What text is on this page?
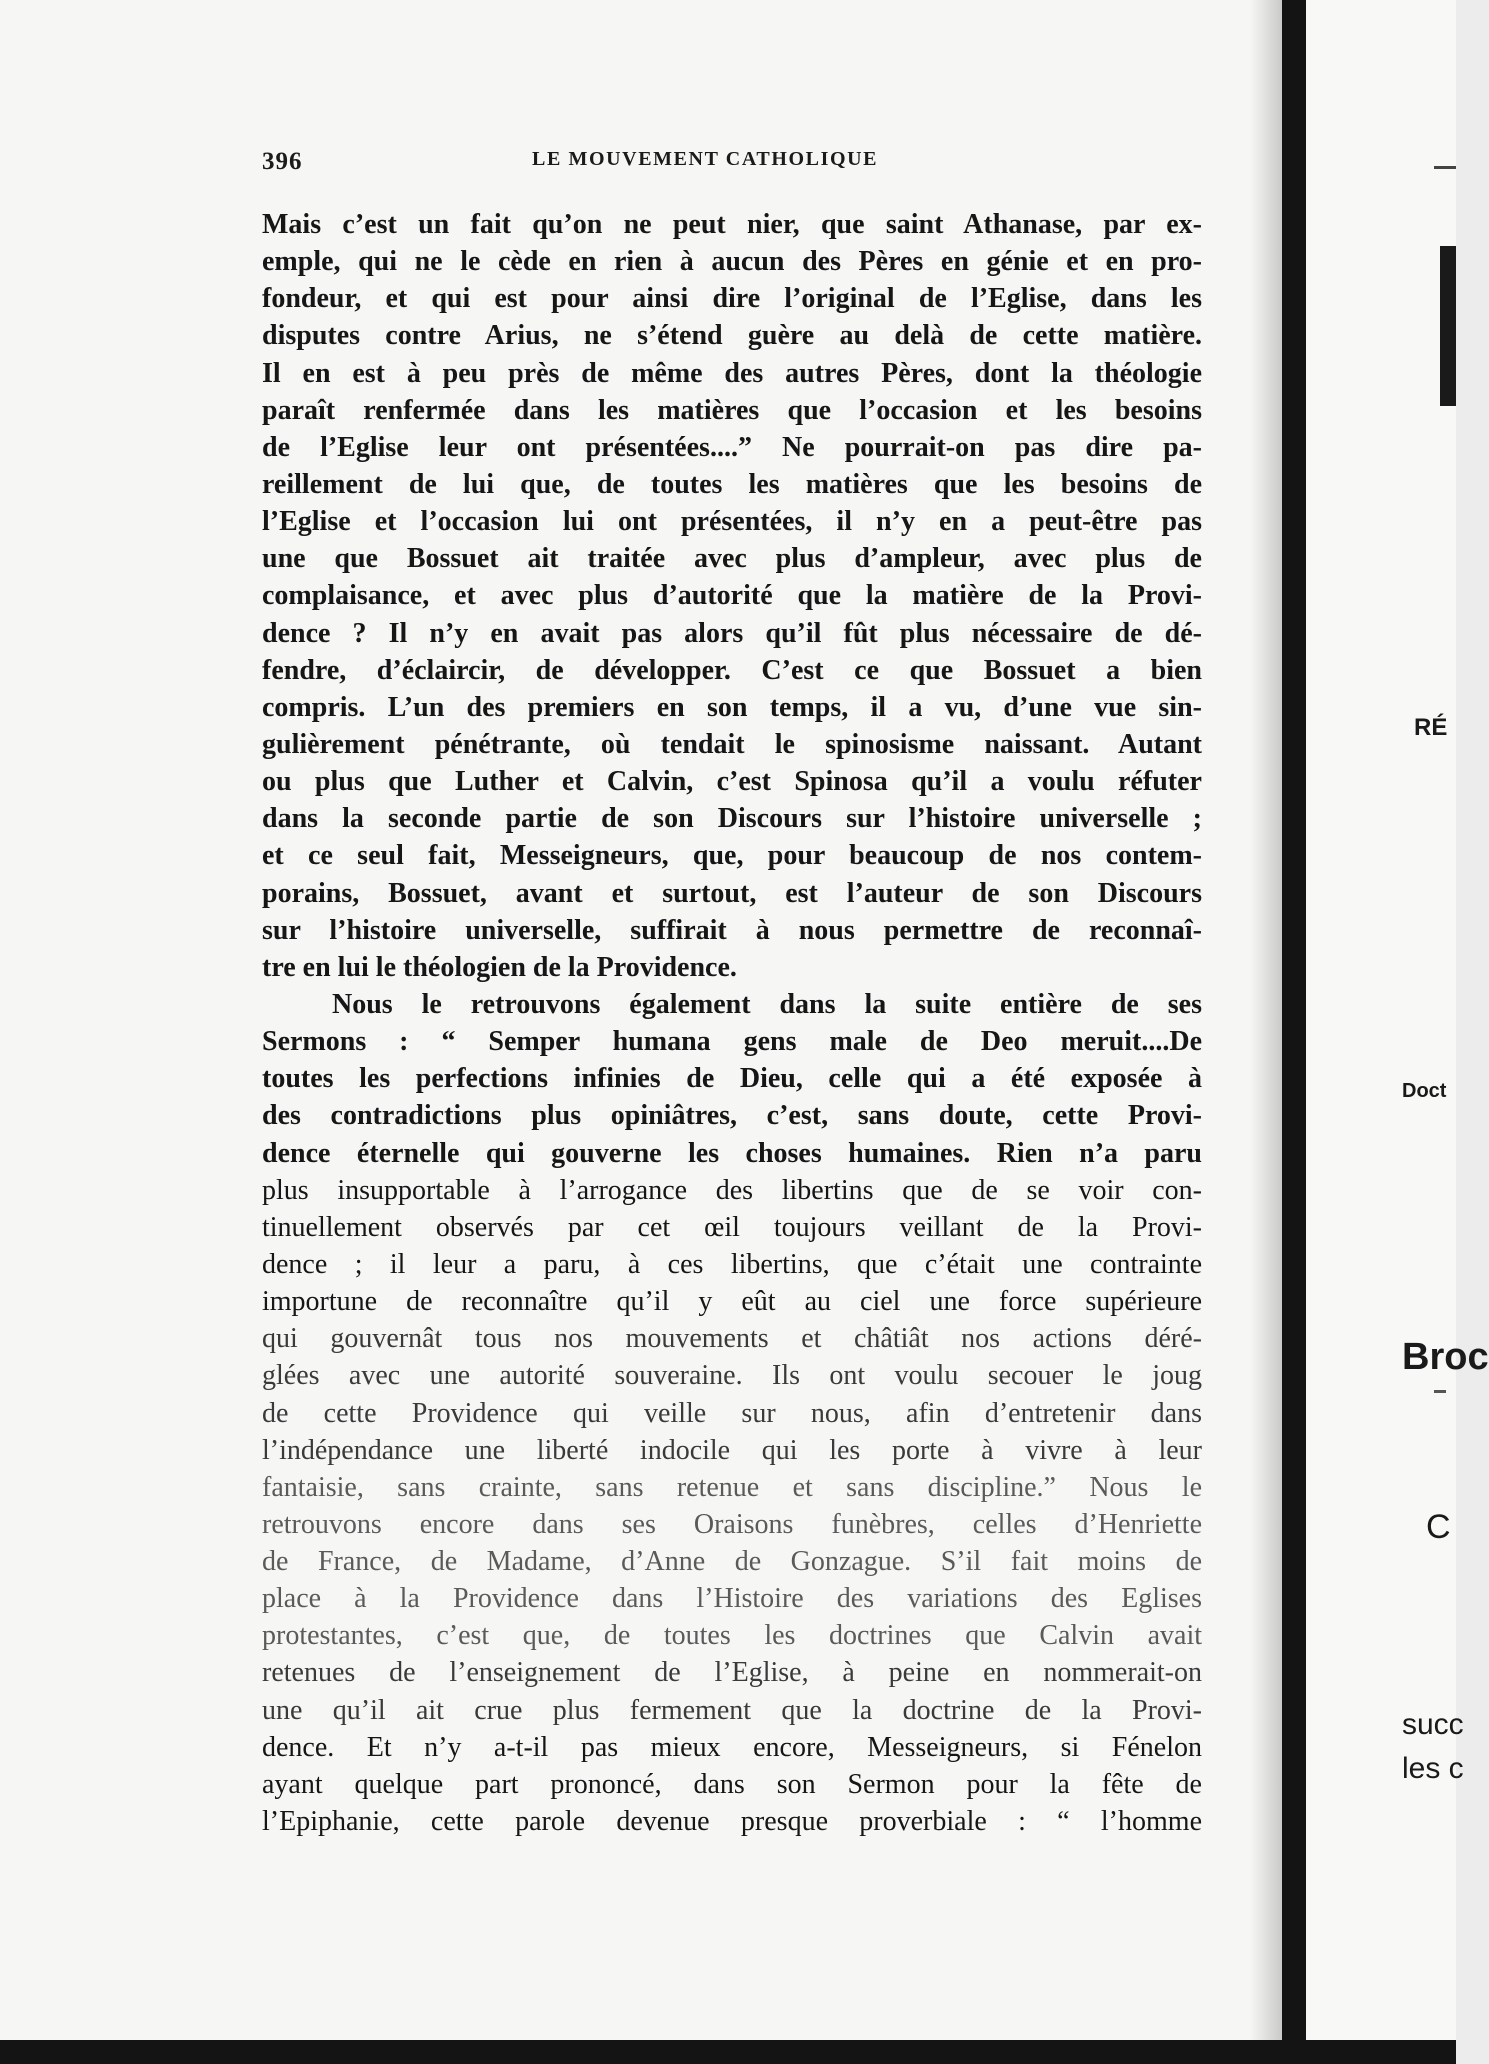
396	LE MOUVEMENT CATHOLIQUE
Mais c’est un fait qu’on ne peut nier, que saint Athanase, par ex-
emple, qui ne le cède en rien à aucun des Pères en génie et en pro-
fondeur, et qui est pour ainsi dire l’original de l’Eglise, dans les
disputes contre Arius, ne s’étend guère au delà de cette matière.
Il en est à peu près de même des autres Pères, dont la théologie
paraît renfermée dans les matières que l’occasion et les besoins
de l’Eglise leur ont présentées....” Ne pourrait-on pas dire pa-
reillement de lui que, de toutes les matières que les besoins de
l’Eglise et l’occasion lui ont présentées, il n’y en a peut-être pas
une que Bossuet ait traitée avec plus d’ampleur, avec plus de
complaisance, et avec plus d’autorité que la matière de la Provi-
dence ? Il n’y en avait pas alors qu’il fût plus nécessaire de dé-
fendre, d’éclaircir, de développer. C’est ce que Bossuet a bien
compris. L’un des premiers en son temps, il a vu, d’une vue sin-
gulièrement pénétrante, où tendait le spinosisme naissant. Autant
ou plus que Luther et Calvin, c’est Spinosa qu’il a voulu réfuter
dans la seconde partie de son Discours sur l’histoire universelle ;
et ce seul fait, Messeigneurs, que, pour beaucoup de nos contem-
porains, Bossuet, avant et surtout, est l’auteur de son Discours
sur l’histoire universelle, suffirait à nous permettre de reconnaî-
tre en lui le théologien de la Providence.
Nous le retrouvons également dans la suite entière de ses
Sermons : “ Semper humana gens male de Deo meruit....De
toutes les perfections infinies de Dieu, celle qui a été exposée à
des contradictions plus opiniâtres, c’est, sans doute, cette Provi-
dence éternelle qui gouverne les choses humaines. Rien n’a paru
plus insupportable à l’arrogance des libertins que de se voir con-
tinuellement observés par cet œil toujours veillant de la Provi-
dence ; il leur a paru, à ces libertins, que c’était une contrainte
importune de reconnaître qu’il y eût au ciel une force supérieure
qui gouvernât tous nos mouvements et châtiât nos actions déré-
glées avec une autorité souveraine. Ils ont voulu secouer le joug
de cette Providence qui veille sur nous, afin d’entretenir dans
l’indépendance une liberté indocile qui les porte à vivre à leur
fantaisie, sans crainte, sans retenue et sans discipline.” Nous le
retrouvons encore dans ses Oraisons funèbres, celles d’Henriette
de France, de Madame, d’Anne de Gonzague. S’il fait moins de
place à la Providence dans l’Histoire des variations des Eglises
protestantes, c’est que, de toutes les doctrines que Calvin avait
retenues de l’enseignement de l’Eglise, à peine en nommerait-on
une qu’il ait crue plus fermement que la doctrine de la Provi-
dence. Et n’y a-t-il pas mieux encore, Messeigneurs, si Fénelon
ayant quelque part prononcé, dans son Sermon pour la fête de
l’Epiphanie, cette parole devenue presque proverbiale : “ l’homme
RÉ
Doct
Broc
C
succ
les c
